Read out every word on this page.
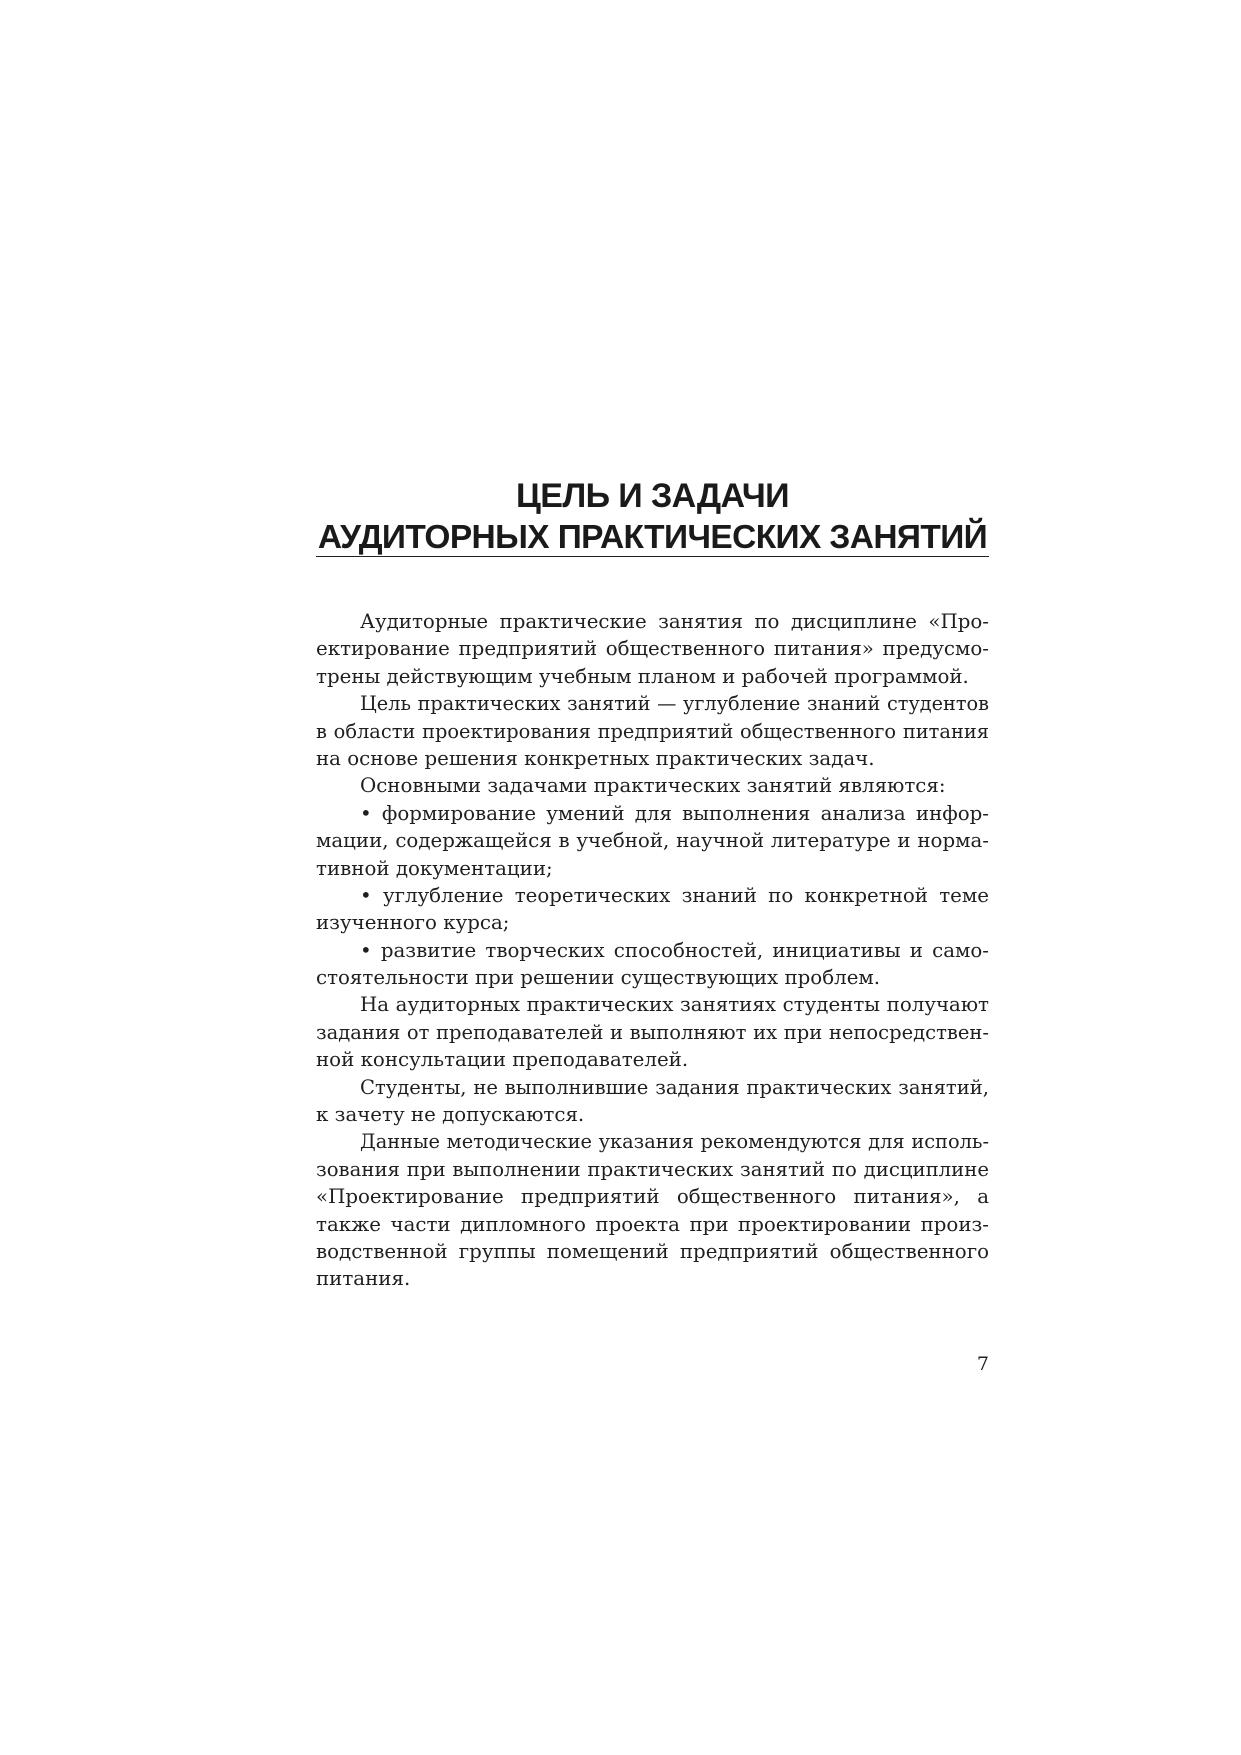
ЦЕЛЬ И ЗАДАЧИ
АУДИТОРНЫХ ПРАКТИЧЕСКИХ ЗАНЯТИЙ
Аудиторные практические занятия по дисциплине «Про-
ектирование предприятий общественного питания» предусмо-
трены действующим учебным планом и рабочей программой.
Цель практических занятий — углубление знаний студентов
в области проектирования предприятий общественного питания
на основе решения конкретных практических задач.
Основными задачами практических занятий являются:
• формирование умений для выполнения анализа инфор-
мации, содержащейся в учебной, научной литературе и норма-
тивной документации;
• углубление теоретических знаний по конкретной теме
изученного курса;
• развитие творческих способностей, инициативы и само-
стоятельности при решении существующих проблем.
На аудиторных практических занятиях студенты получают
задания от преподавателей и выполняют их при непосредствен-
ной консультации преподавателей.
Студенты, не выполнившие задания практических занятий,
к зачету не допускаются.
Данные методические указания рекомендуются для исполь-
зования при выполнении практических занятий по дисциплине
«Проектирование предприятий общественного питания», а
также части дипломного проекта при проектировании произ-
водственной группы помещений предприятий общественного
питания.
7
